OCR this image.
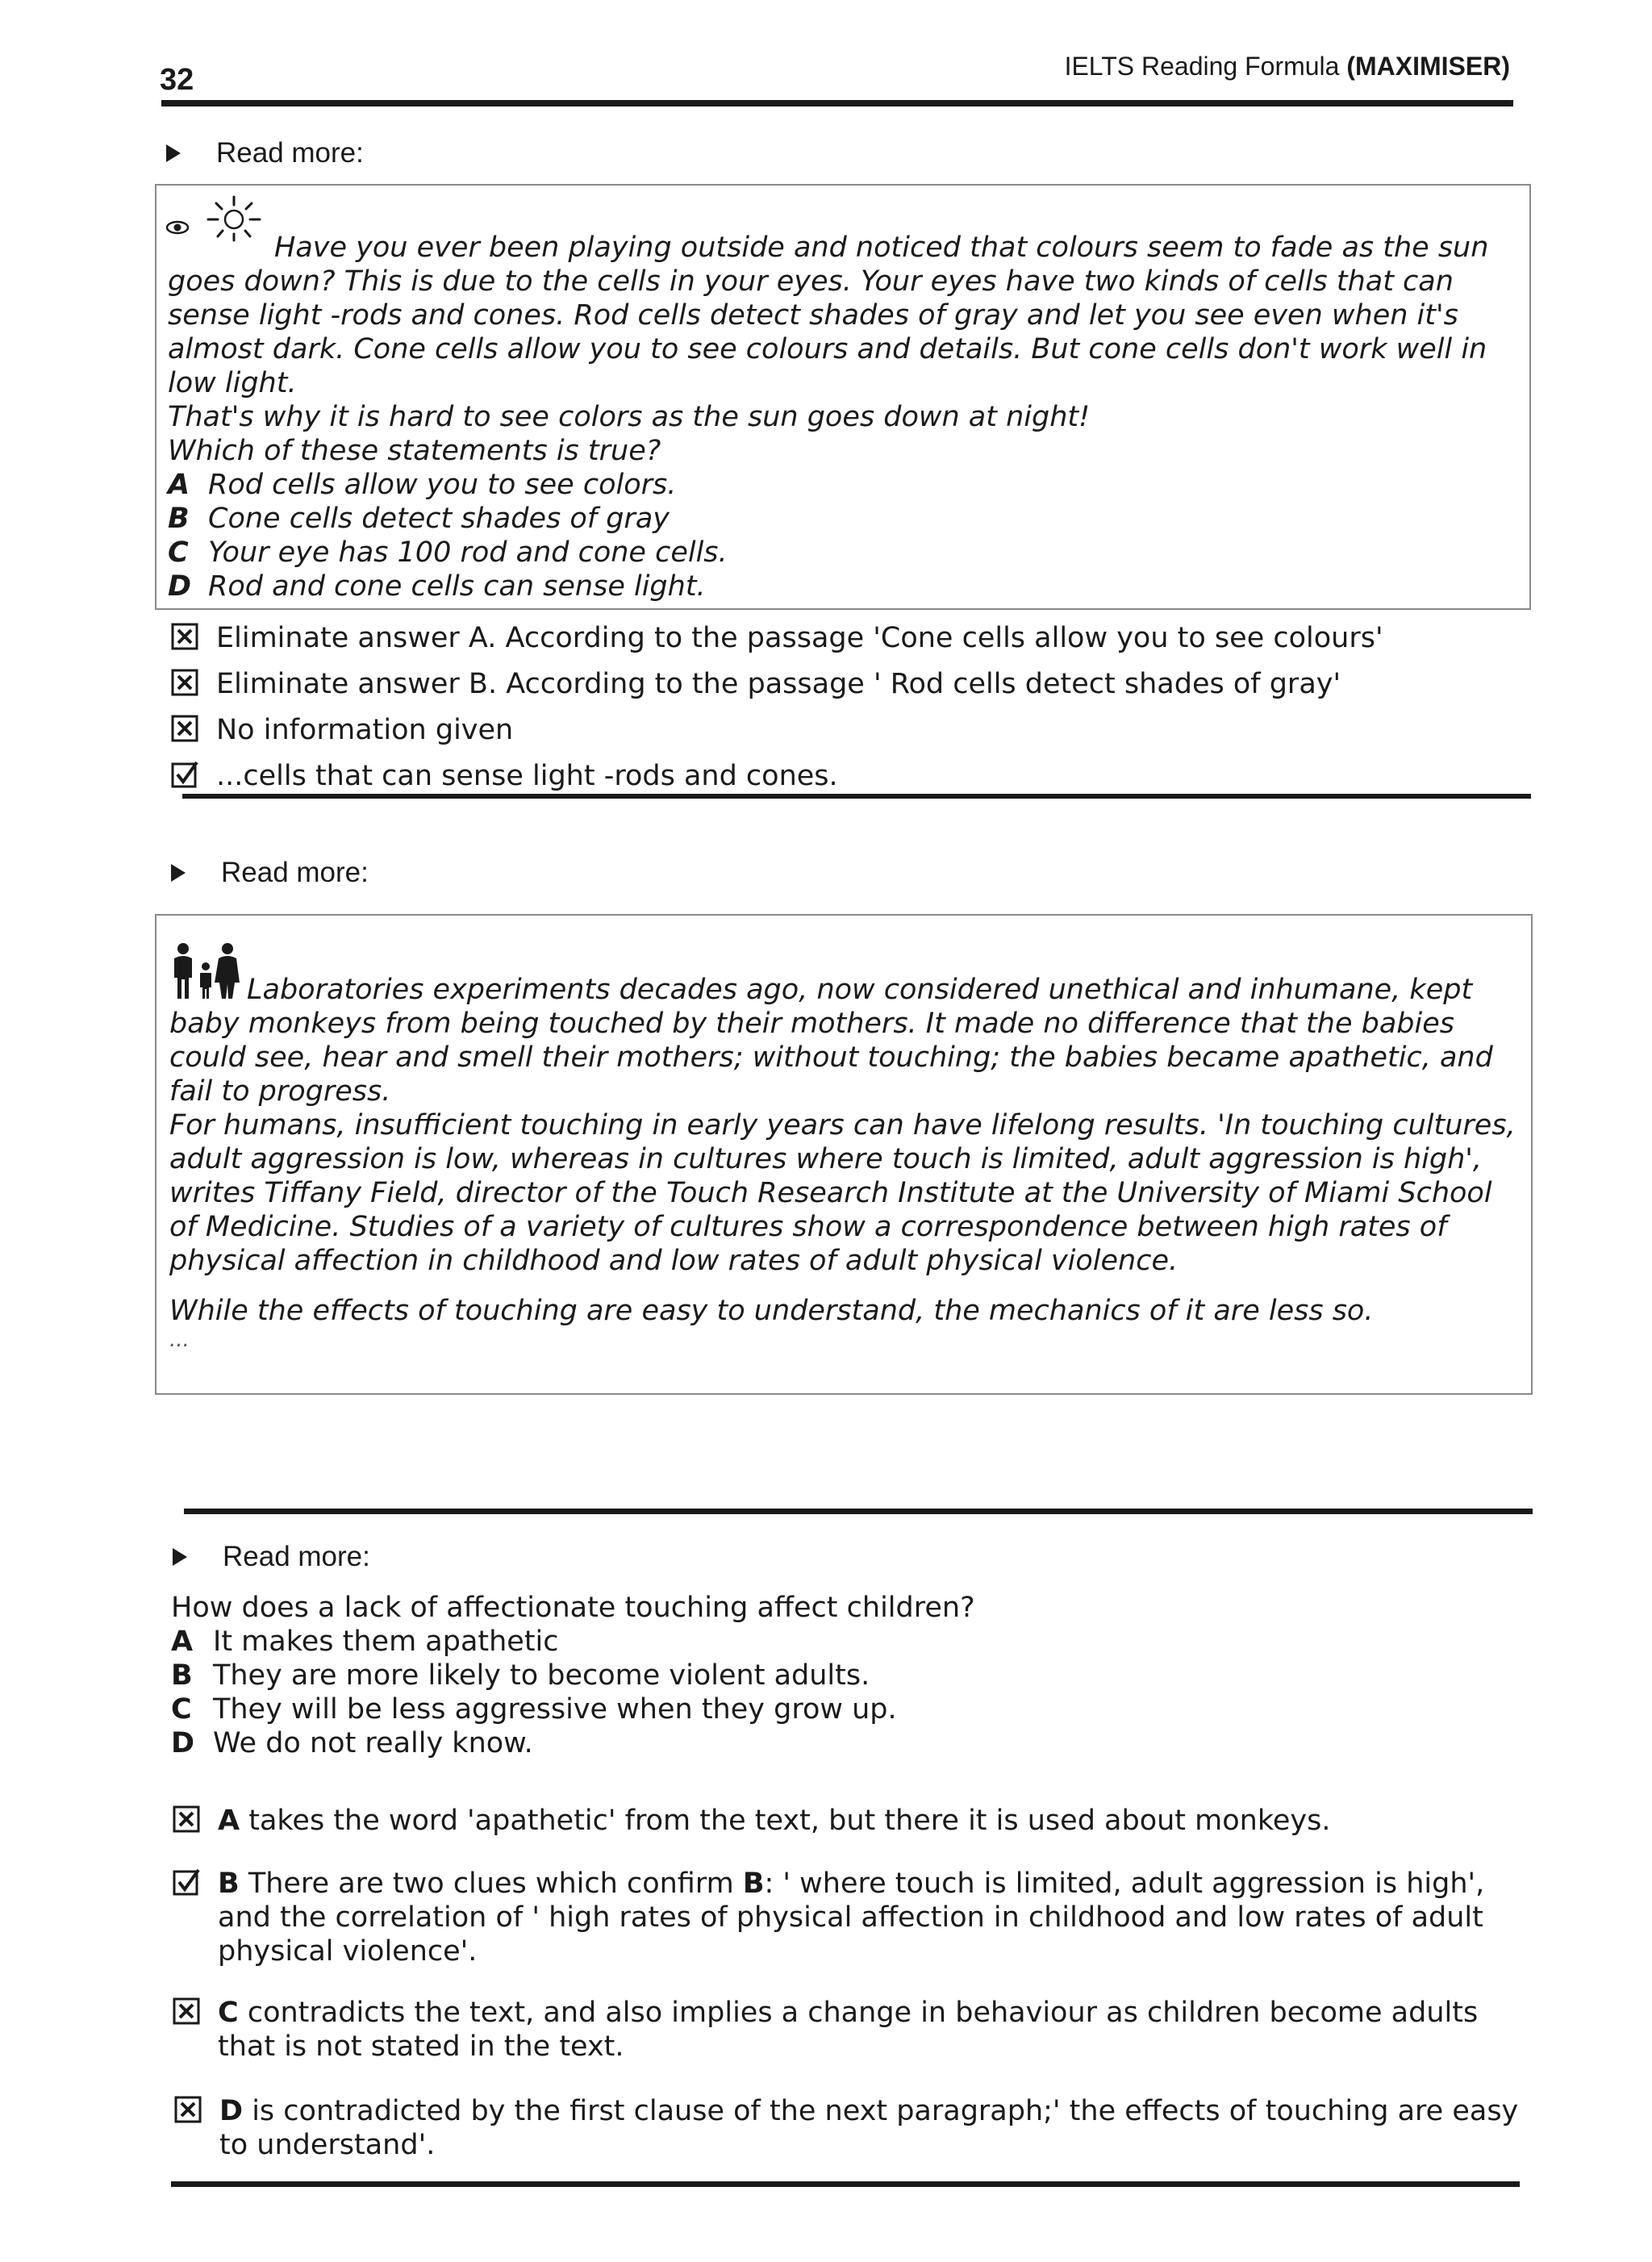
32	IELTS Reading Formula (MAXIMISER)
Read more:

Have you ever been playing outside and noticed that colours seem to fade as the sun

goes down? This is due to the cells in your eyes. Your eyes have two kinds of cells that can

sense light -rods and cones. Rod cells detect shades of gray and let you see even when it's

almost dark. Cone cells allow you to see colours and details. But cone cells don't work well in

low light.

That's why it is hard to see colors as the sun goes down at night!

Which of these statements is true?

A Rod cells allow you to see colors.

B Cone cells detect shades of gray

C Your eye has 100 rod and cone cells.

D Rod and cone cells can sense light.

Eliminate answer A. According to the passage 'Cone cells allow you to see colours'
Eliminate answer B. According to the passage ' Rod cells detect shades of gray'
No information given
...cells that can sense light -rods and cones.
Read more:

Laboratories experiments decades ago, now considered unethical and inhumane, kept

baby monkeys from being touched by their mothers. It made no difference that the babies

could see, hear and smell their mothers; without touching; the babies became apathetic, and

fail to progress.

For humans, insufficient touching in early years can have lifelong results. 'In touching cultures,

adult aggression is low, whereas in cultures where touch is limited, adult aggression is high',

writes Tiffany Field, director of the Touch Research Institute at the University of Miami School

of Medicine. Studies of a variety of cultures show a correspondence between high rates of

physical affection in childhood and low rates of adult physical violence.

While the effects of touching are easy to understand, the mechanics of it are less so.

...

Read more:

How does a lack of affectionate touching affect children?

A It makes them apathetic

B They are more likely to become violent adults.

C They will be less aggressive when they grow up.

D We do not really know.

A takes the word 'apathetic' from the text, but there it is used about monkeys.
B There are two clues which confirm B: ' where touch is limited, adult aggression is high',
and the correlation of ' high rates of physical affection in childhood and low rates of adult
physical violence'.
C contradicts the text, and also implies a change in behaviour as children become adults
that is not stated in the text.
D is contradicted by the first clause of the next paragraph;' the effects of touching are easy
to understand'.
